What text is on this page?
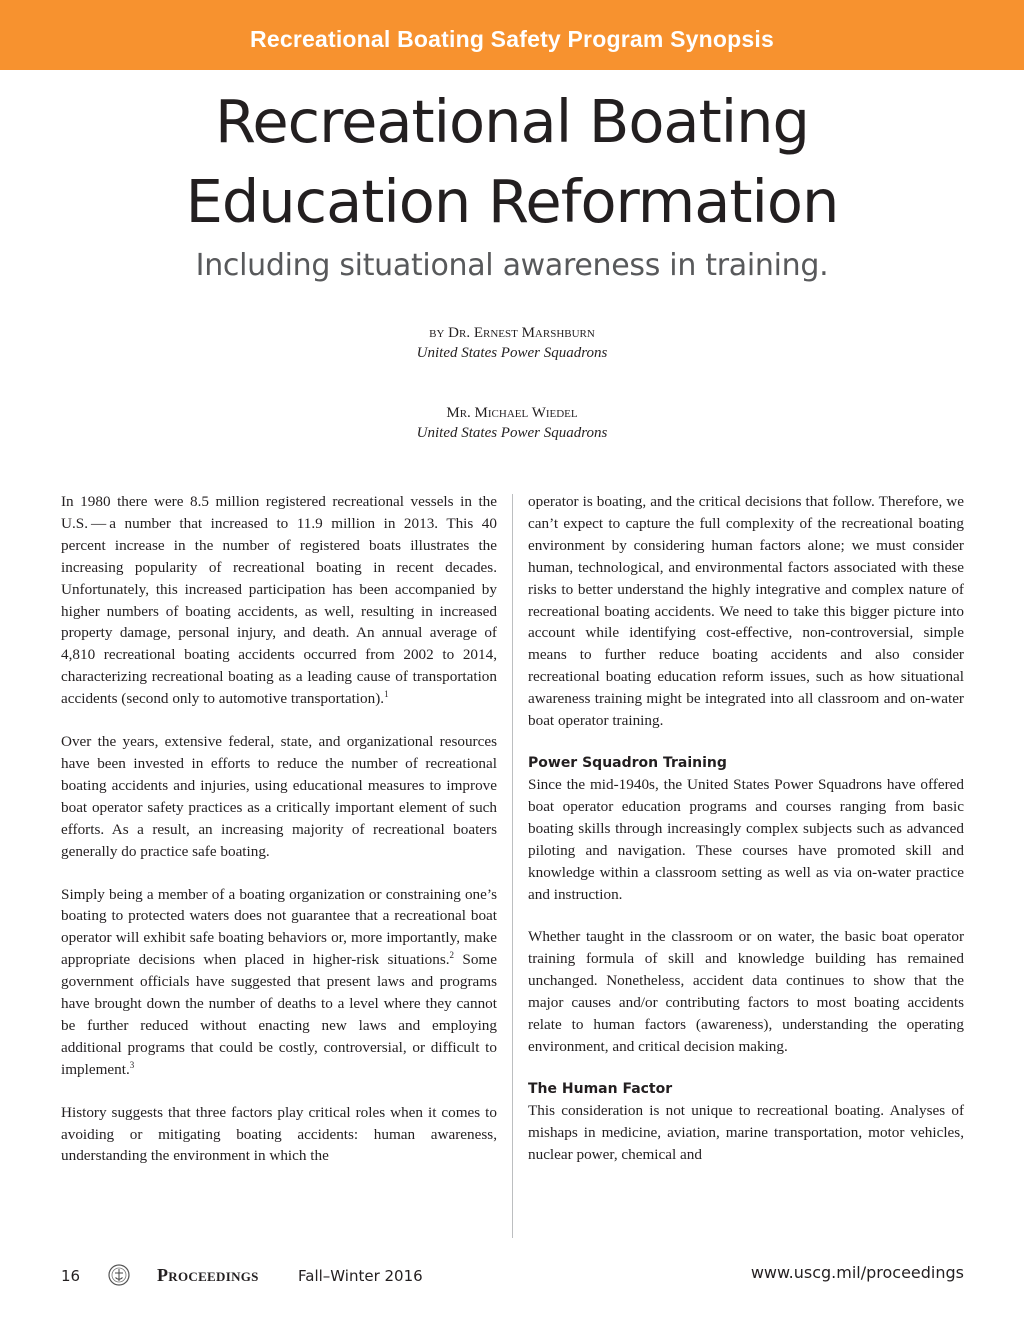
Recreational Boating Safety Program Synopsis
Recreational Boating
Education Reformation
Including situational awareness in training.
by Dr. Ernest Marshburn
United States Power Squadrons
Mr. Michael Wiedel
United States Power Squadrons

In 1980 there were 8.5 million registered recreational vessels in the U.S. — a number that increased to 11.9 million in 2013. This 40 percent increase in the number of registered boats illustrates the increasing popularity of recreational boating in recent decades. Unfortunately, this increased participation has been accompanied by higher numbers of boating accidents, as well, resulting in increased property damage, personal injury, and death. An annual average of 4,810 recreational boating accidents occurred from 2002 to 2014, characterizing recreational boating as a leading cause of transportation accidents (second only to automotive transportation).$^1$

Over the years, extensive federal, state, and organizational resources have been invested in efforts to reduce the number of recreational boating accidents and injuries, using educational measures to improve boat operator safety practices as a critically important element of such efforts. As a result, an increasing majority of recreational boaters generally do practice safe boating.

Simply being a member of a boating organization or constraining one’s boating to protected waters does not guarantee that a recreational boat operator will exhibit safe boating behaviors or, more importantly, make appropriate decisions when placed in higher-risk situations.$^2$ Some government officials have suggested that present laws and programs have brought down the number of deaths to a level where they cannot be further reduced without enacting new laws and employing additional programs that could be costly, controversial, or difficult to implement.$^3$

History suggests that three factors play critical roles when it comes to avoiding or mitigating boating accidents: human awareness, understanding the environment in which the

operator is boating, and the critical decisions that follow. Therefore, we can’t expect to capture the full complexity of the recreational boating environment by considering human factors alone; we must consider human, technological, and environmental factors associated with these risks to better understand the highly integrative and complex nature of recreational boating accidents. We need to take this bigger picture into account while identifying cost-effective, non-controversial, simple means to further reduce boating accidents and also consider recreational boating education reform issues, such as how situational awareness training might be integrated into all classroom and on-water boat operator training.

Power Squadron Training

Since the mid-1940s, the United States Power Squadrons have offered boat operator education programs and courses ranging from basic boating skills through increasingly complex subjects such as advanced piloting and navigation. These courses have promoted skill and knowledge within a classroom setting as well as via on-water practice and instruction.

Whether taught in the classroom or on water, the basic boat operator training formula of skill and knowledge building has remained unchanged. Nonetheless, accident data continues to show that the major causes and/or contributing factors to most boating accidents relate to human factors (awareness), understanding the operating environment, and critical decision making.

The Human Factor

This consideration is not unique to recreational boating. Analyses of mishaps in medicine, aviation, marine transportation, motor vehicles, nuclear power, chemical and

16	Proceedings	Fall–Winter 2016	www.uscg.mil/proceedings
